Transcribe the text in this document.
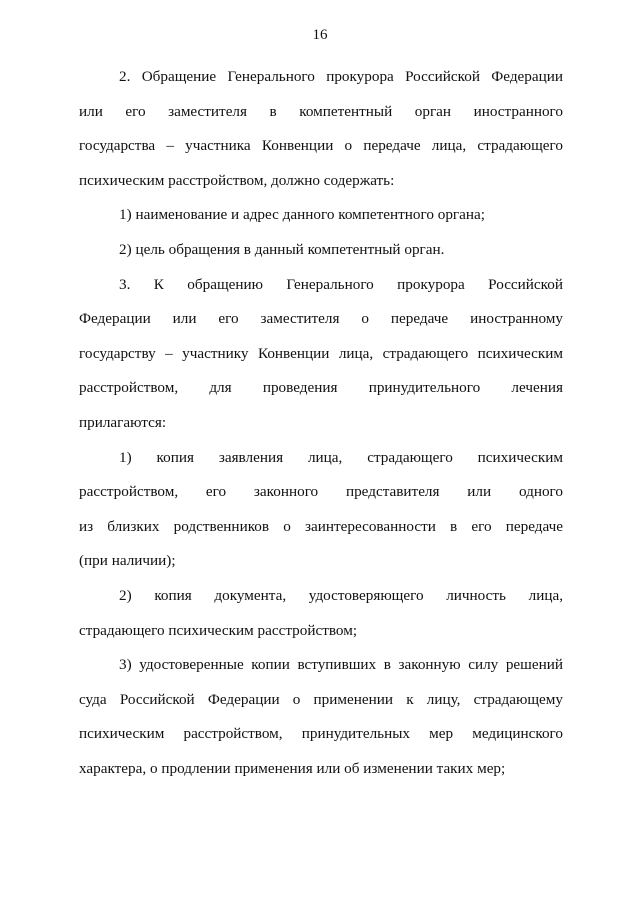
16
2. Обращение Генерального прокурора Российской Федерации
или его заместителя в компетентный орган иностранного
государства – участника Конвенции о передаче лица, страдающего
психическим расстройством, должно содержать:
1) наименование и адрес данного компетентного органа;
2) цель обращения в данный компетентный орган.
3. К обращению Генерального прокурора Российской
Федерации или его заместителя о передаче иностранному
государству – участнику Конвенции лица, страдающего психическим
расстройством, для проведения принудительного лечения
прилагаются:
1) копия заявления лица, страдающего психическим
расстройством, его законного представителя или одного
из близких родственников о заинтересованности в его передаче
(при наличии);
2) копия документа, удостоверяющего личность лица,
страдающего психическим расстройством;
3) удостоверенные копии вступивших в законную силу решений
суда Российской Федерации о применении к лицу, страдающему
психическим расстройством, принудительных мер медицинского
характера, о продлении применения или об изменении таких мер;
